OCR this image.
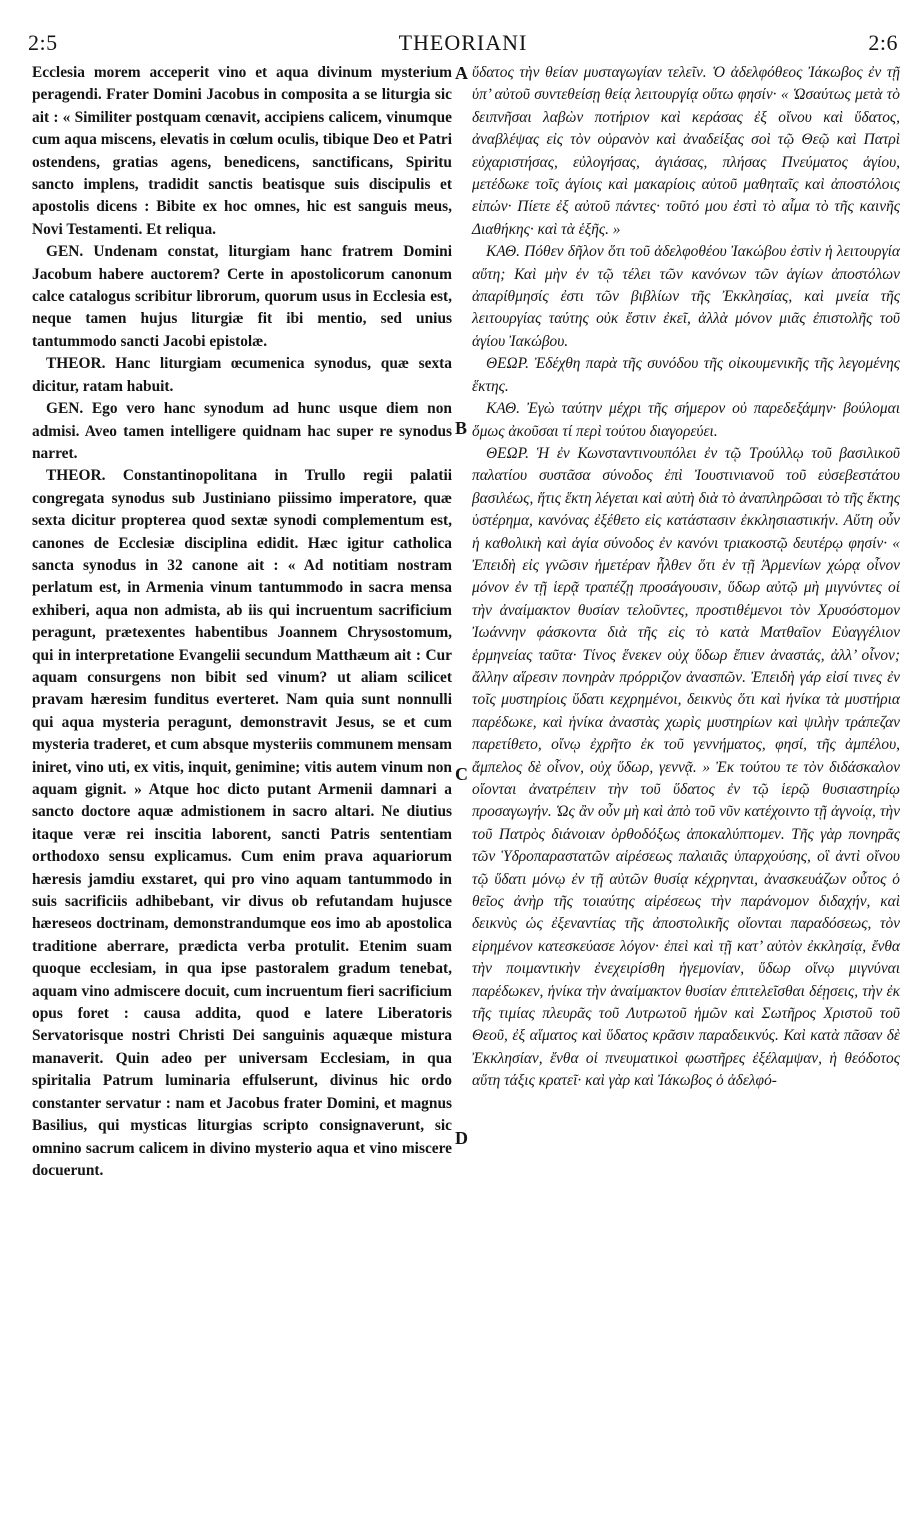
2:5	THEORIANI	2:6

Ecclesia morem acceperit vino et aqua divinum mysterium peragendi. Frater Domini Jacobus in composita a se liturgia sic ait : « Similiter postquam cœnavit, accipiens calicem, vinumque cum aqua miscens, elevatis in cœlum oculis, tibique Deo et Patri ostendens, gratias agens, benedicens, sanctificans, Spiritu sancto implens, tradidit sanctis beatisque suis discipulis et apostolis dicens : Bibite ex hoc omnes, hic est sanguis meus, Novi Testamenti. Et reliqua.

GEN. Undenam constat, liturgiam hanc fratrem Domini Jacobum habere auctorem? Certe in apostolicorum canonum calce catalogus scribitur librorum, quorum usus in Ecclesia est, neque tamen hujus liturgiæ fit ibi mentio, sed unius tantummodo sancti Jacobi epistolæ.

THEOR. Hanc liturgiam œcumenica synodus, quæ sexta dicitur, ratam habuit.

GEN. Ego vero hanc synodum ad hunc usque diem non admisi. Aveo tamen intelligere quidnam hac super re synodus narret.

THEOR. Constantinopolitana in Trullo regii palatii congregata synodus sub Justiniano piissimo imperatore, quæ sexta dicitur propterea quod sextæ synodi complementum est, canones de Ecclesiæ disciplina edidit. Hæc igitur catholica sancta synodus in 32 canone ait : « Ad notitiam nostram perlatum est, in Armenia vinum tantummodo in sacra mensa exhiberi, aqua non admista, ab iis qui incruentum sacrificium peragunt, prætexentes habentibus Joannem Chrysostomum, qui in interpretatione Evangelii secundum Matthæum ait : Cur aquam consurgens non bibit sed vinum? ut aliam scilicet pravam hæresim funditus everteret. Nam quia sunt nonnulli qui aqua mysteria peragunt, demonstravit Jesus, se et cum mysteria traderet, et cum absque mysteriis communem mensam iniret, vino uti, ex vitis, inquit, genimine; vitis autem vinum non aquam gignit. » Atque hoc dicto putant Armenii damnari a sancto doctore aquæ admistionem in sacro altari. Ne diutius itaque veræ rei inscitia laborent, sancti Patris sententiam orthodoxo sensu explicamus. Cum enim prava aquariorum hæresis jamdiu exstaret, qui pro vino aquam tantummodo in suis sacrificiis adhibebant, vir divus ob refutandam hujusce hæreseos doctrinam, demonstrandumque eos imo ab apostolica traditione aberrare, prædicta verba protulit. Etenim suam quoque ecclesiam, in qua ipse pastoralem gradum tenebat, aquam vino admiscere docuit, cum incruentum fieri sacrificium opus foret : causa addita, quod e latere Liberatoris Servatorisque nostri Christi Dei sanguinis aquæque mistura manaverit. Quin adeo per universam Ecclesiam, in qua spiritalia Patrum luminaria effulserunt, divinus hic ordo constanter servatur : nam et Jacobus frater Domini, et magnus Basilius, qui mysticas liturgias scripto consignaverunt, sic omnino sacrum calicem in divino mysterio aqua et vino miscere docuerunt.

A
B
C
D

ὕδατος τὴν θείαν μυσταγωγίαν τελεῖν. Ὁ ἀδελφόθεος Ἰάκωβος ἐν τῇ ὑπ’ αὐτοῦ συντεθείσῃ θείᾳ λειτουργίᾳ οὕτω φησίν· « Ὡσαύτως μετὰ τὸ δειπνῆσαι λαβὼν ποτήριον καὶ κεράσας ἐξ οἴνου καὶ ὕδατος, ἀναβλέψας εἰς τὸν οὐρανὸν καὶ ἀναδείξας σοὶ τῷ Θεῷ καὶ Πατρὶ εὐχαριστήσας, εὐλογήσας, ἁγιάσας, πλήσας Πνεύματος ἁγίου, μετέδωκε τοῖς ἁγίοις καὶ μακαρίοις αὐτοῦ μαθηταῖς καὶ ἀποστόλοις εἰπών· Πίετε ἐξ αὐτοῦ πάντες· τοῦτό μου ἐστὶ τὸ αἷμα τὸ τῆς καινῆς Διαθήκης· καὶ τὰ ἑξῆς. »

ΚΑΘ. Πόθεν δῆλον ὅτι τοῦ ἀδελφοθέου Ἰακώβου ἐστὶν ἡ λειτουργία αὕτη; Καὶ μὴν ἐν τῷ τέλει τῶν κανόνων τῶν ἁγίων ἀποστόλων ἀπαρίθμησίς ἐστι τῶν βιβλίων τῆς Ἐκκλησίας, καὶ μνεία τῆς λειτουργίας ταύτης οὐκ ἔστιν ἐκεῖ, ἀλλὰ μόνον μιᾶς ἐπιστολῆς τοῦ ἁγίου Ἰακώβου.

ΘΕΩΡ. Ἐδέχθη παρὰ τῆς συνόδου τῆς οἰκουμενικῆς τῆς λεγομένης ἕκτης.

ΚΑΘ. Ἐγὼ ταύτην μέχρι τῆς σήμερον οὐ παρεδεξάμην· βούλομαι ὅμως ἀκοῦσαι τί περὶ τούτου διαγορεύει.

ΘΕΩΡ. Ἡ ἐν Κωνσταντινουπόλει ἐν τῷ Τρούλλῳ τοῦ βασιλικοῦ παλατίου συστᾶσα σύνοδος ἐπὶ Ἰουστινιανοῦ τοῦ εὐσεβεστάτου βασιλέως, ἥτις ἕκτη λέγεται καὶ αὐτὴ διὰ τὸ ἀναπληρῶσαι τὸ τῆς ἕκτης ὑστέρημα, κανόνας ἐξέθετο εἰς κατάστασιν ἐκκλησιαστικήν. Αὕτη οὖν ἡ καθολικὴ καὶ ἁγία σύνοδος ἐν κανόνι τριακοστῷ δευτέρῳ φησίν· « Ἐπειδὴ εἰς γνῶσιν ἡμετέραν ἦλθεν ὅτι ἐν τῇ Ἀρμενίων χώρᾳ οἶνον μόνον ἐν τῇ ἱερᾷ τραπέζῃ προσάγουσιν, ὕδωρ αὐτῷ μὴ μιγνύντες οἱ τὴν ἀναίμακτον θυσίαν τελοῦντες, προστιθέμενοι τὸν Χρυσόστομον Ἰωάννην φάσκοντα διὰ τῆς εἰς τὸ κατὰ Ματθαῖον Εὐαγγέλιον ἑρμηνείας ταῦτα· Τίνος ἕνεκεν οὐχ ὕδωρ ἔπιεν ἀναστάς, ἀλλ’ οἶνον; ἄλλην αἵρεσιν πονηρὰν πρόρριζον ἀνασπῶν. Ἐπειδὴ γάρ εἰσί τινες ἐν τοῖς μυστηρίοις ὕδατι κεχρημένοι, δεικνὺς ὅτι καὶ ἡνίκα τὰ μυστήρια παρέδωκε, καὶ ἡνίκα ἀναστὰς χωρὶς μυστηρίων καὶ ψιλὴν τράπεζαν παρετίθετο, οἴνῳ ἐχρῆτο ἐκ τοῦ γεννήματος, φησί, τῆς ἀμπέλου, ἄμπελος δὲ οἶνον, οὐχ ὕδωρ, γεννᾷ. » Ἐκ τούτου τε τὸν διδάσκαλον οἴονται ἀνατρέπειν τὴν τοῦ ὕδατος ἐν τῷ ἱερῷ θυσιαστηρίῳ προσαγωγήν. Ὡς ἂν οὖν μὴ καὶ ἀπὸ τοῦ νῦν κατέχοιντο τῇ ἀγνοίᾳ, τὴν τοῦ Πατρὸς διάνοιαν ὀρθοδόξως ἀποκαλύπτομεν. Τῆς γὰρ πονηρᾶς τῶν Ὑδροπαραστατῶν αἱρέσεως παλαιᾶς ὑπαρχούσης, οἳ ἀντὶ οἴνου τῷ ὕδατι μόνῳ ἐν τῇ αὐτῶν θυσίᾳ κέχρηνται, ἀνασκευάζων οὗτος ὁ θεῖος ἀνὴρ τῆς τοιαύτης αἱρέσεως τὴν παράνομον διδαχήν, καὶ δεικνὺς ὡς ἐξεναντίας τῆς ἀποστολικῆς οἴονται παραδόσεως, τὸν εἰρημένον κατεσκεύασε λόγον· ἐπεὶ καὶ τῇ κατ’ αὐτὸν ἐκκλησίᾳ, ἔνθα τὴν ποιμαντικὴν ἐνεχειρίσθη ἡγεμονίαν, ὕδωρ οἴνῳ μιγνύναι παρέδωκεν, ἡνίκα τὴν ἀναίμακτον θυσίαν ἐπιτελεῖσθαι δέῃσεις, τὴν ἐκ τῆς τιμίας πλευρᾶς τοῦ Λυτρωτοῦ ἡμῶν καὶ Σωτῆρος Χριστοῦ τοῦ Θεοῦ, ἐξ αἵματος καὶ ὕδατος κρᾶσιν παραδεικνύς. Καὶ κατὰ πᾶσαν δὲ Ἐκκλησίαν, ἔνθα οἱ πνευματικοὶ φωστῆρες ἐξέλαμψαν, ἡ θεόδοτος αὕτη τάξις κρατεῖ· καὶ γὰρ καὶ Ἰάκωβος ὁ ἀδελφό-
